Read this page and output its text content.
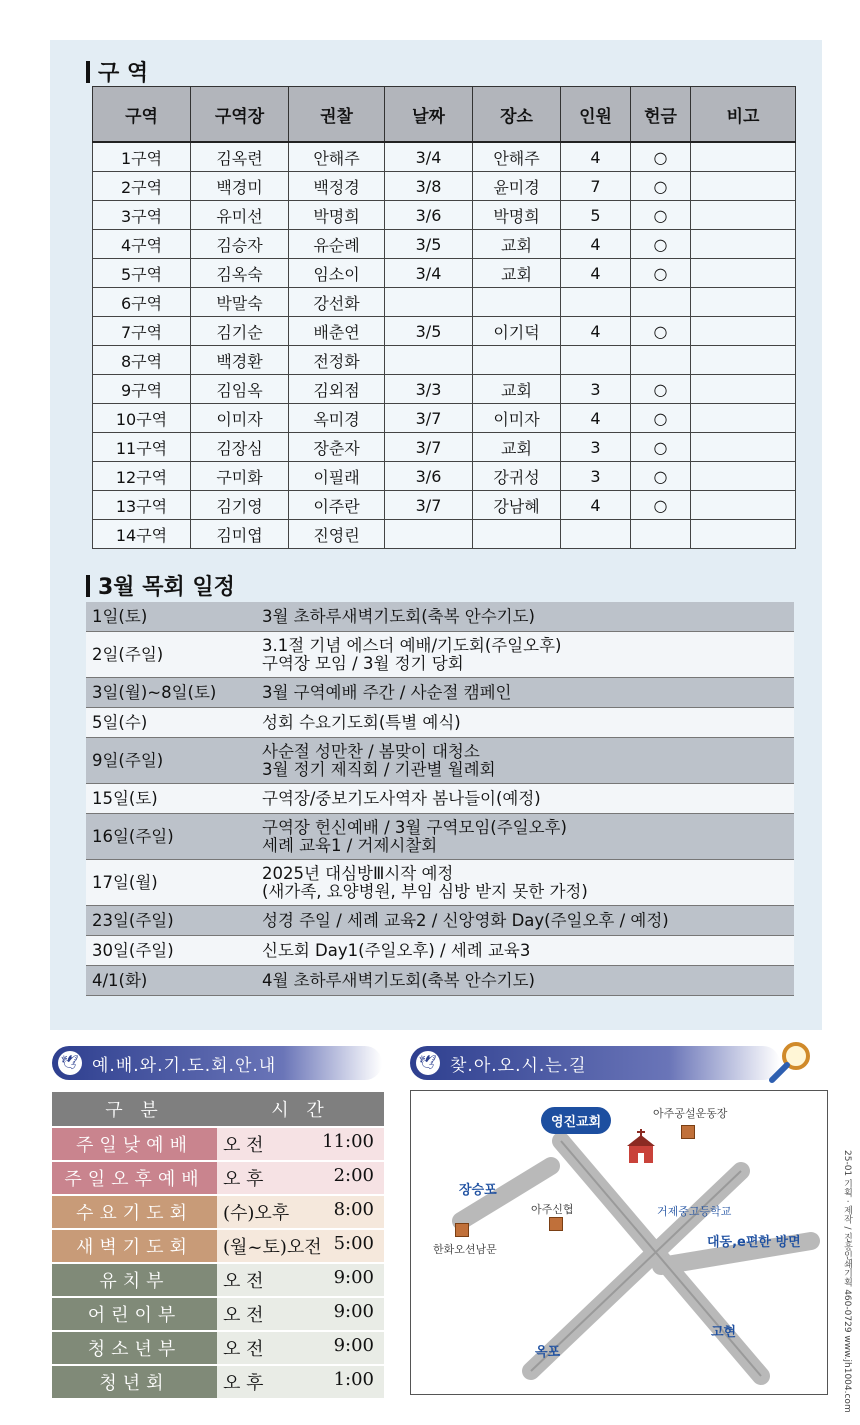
25-01 기획 · 제작 / 진흥인쇄기획 460-0729 www.jh1004.com
구 역
구역	구역장	권찰	날짜	장소	인원	헌금	비고
1구역	김옥련	안해주	3/4	안해주	4	○	
2구역	백경미	백정경	3/8	윤미경	7	○	
3구역	유미선	박명희	3/6	박명희	5	○	
4구역	김승자	유순례	3/5	교회	4	○	
5구역	김옥숙	임소이	3/4	교회	4	○	
6구역	박말숙	강선화					
7구역	김기순	배춘연	3/5	이기덕	4	○	
8구역	백경환	전정화					
9구역	김임옥	김외점	3/3	교회	3	○	
10구역	이미자	옥미경	3/7	이미자	4	○	
11구역	김장심	장춘자	3/7	교회	3	○	
12구역	구미화	이필래	3/6	강귀성	3	○	
13구역	김기영	이주란	3/7	강남혜	4	○	
14구역	김미엽	진영린					
3월 목회 일정
1일(토)	3월 초하루새벽기도회(축복 안수기도)
2일(주일)	3.1절 기념 에스더 예배/기도회(주일오후)
구역장 모임 / 3월 정기 당회
3일(월)~8일(토)	3월 구역예배 주간 / 사순절 캠페인
5일(수)	성회 수요기도회(특별 예식)
9일(주일)	사순절 성만찬 / 봄맞이 대청소
3월 정기 제직회 / 기관별 월례회
15일(토)	구역장/중보기도사역자 봄나들이(예정)
16일(주일)	구역장 헌신예배 / 3월 구역모임(주일오후)
세례 교육1 / 거제시찰회
17일(월)	2025년 대심방Ⅲ시작 예정
(새가족, 요양병원, 부임 심방 받지 못한 가정)
23일(주일)	성경 주일 / 세례 교육2 / 신앙영화 Day(주일오후 / 예정)
30일(주일)	신도회 Day1(주일오후) / 세례 교육3
4/1(화)	4월 초하루새벽기도회(축복 안수기도)
🕊 예.배.와.기.도.회.안.내
구 분	시 간
주일낮예배	오 전 11:00
주일오후예배	오 후 2:00
수요기도회	(수)오후 8:00
새벽기도회	(월~토)오전 5:00
유치부	오 전 9:00
어린이부	오 전 9:00
청소년부	오 전 9:00
청년회	오 후 1:00
🕊 찾.아.오.시.는.길
영진교회
아주공설운동장
장승포
아주신협	거제중고등학교
한화오션남문	대동,e편한 방면
옥포
고현
